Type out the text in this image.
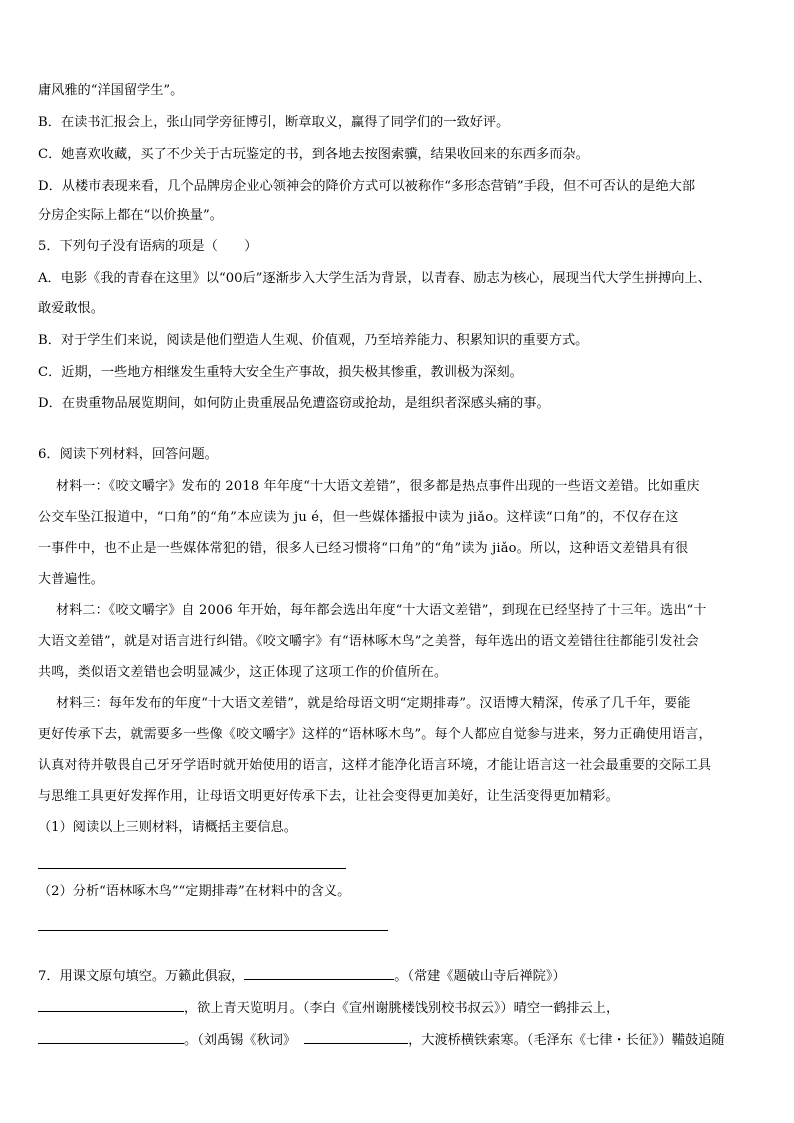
庸风雅的“洋国留学生”。
B．在读书汇报会上，张山同学旁征博引，断章取义，赢得了同学们的一致好评。
C．她喜欢收藏，买了不少关于古玩鉴定的书，到各地去按图索骥，结果收回来的东西多而杂。
D．从楼市表现来看，几个品牌房企业心领神会的降价方式可以被称作“多形态营销”手段，但不可否认的是绝大部
分房企实际上都在“以价换量”。
5．下列句子没有语病的项是（　　）
A．电影《我的青春在这里》以“00后”逐渐步入大学生活为背景，以青春、励志为核心，展现当代大学生拼搏向上、
敢爱敢恨。
B．对于学生们来说，阅读是他们塑造人生观、价值观，乃至培养能力、积累知识的重要方式。
C．近期，一些地方相继发生重特大安全生产事故，损失极其惨重，教训极为深刻。
D．在贵重物品展览期间，如何防止贵重展品免遭盗窃或抢劫，是组织者深感头痛的事。
6．阅读下列材料，回答问题。
材料一：《咬文嚼字》发布的 2018 年年度“十大语文差错”，很多都是热点事件出现的一些语文差错。比如重庆
公交车坠江报道中，“口角”的“角”本应读为 ju é，但一些媒体播报中读为 jiǎo。这样读“口角”的，不仅存在这
一事件中，也不止是一些媒体常犯的错，很多人已经习惯将“口角”的“角”读为 jiǎo。所以，这种语文差错具有很
大普遍性。
材料二：《咬文嚼字》自 2006 年开始，每年都会选出年度“十大语文差错”，到现在已经坚持了十三年。选出“十
大语文差错”，就是对语言进行纠错。《咬文嚼字》有“语林啄木鸟”之美誉，每年选出的语文差错往往都能引发社会
共鸣，类似语文差错也会明显减少，这正体现了这项工作的价值所在。
材料三：每年发布的年度“十大语文差错”，就是给母语文明“定期排毒”。汉语博大精深，传承了几千年，要能
更好传承下去，就需要多一些像《咬文嚼字》这样的“语林啄木鸟”。每个人都应自觉参与进来，努力正确使用语言，
认真对待并敬畏自己牙牙学语时就开始使用的语言，这样才能净化语言环境，才能让语言这一社会最重要的交际工具
与思维工具更好发挥作用，让母语文明更好传承下去，让社会变得更加美好，让生活变得更加精彩。
（1）阅读以上三则材料，请概括主要信息。
（2）分析“语林啄木鸟”“定期排毒”在材料中的含义。
7．用课文原句填空。万籁此俱寂，	。（常建《题破山寺后禅院》）
，欲上青天览明月。（李白《宣州谢朓楼饯别校书叔云》）晴空一鹤排云上，
。（刘禹锡《秋词》	，大渡桥横铁索寒。（毛泽东《七律・长征》）鞴鼓追随
